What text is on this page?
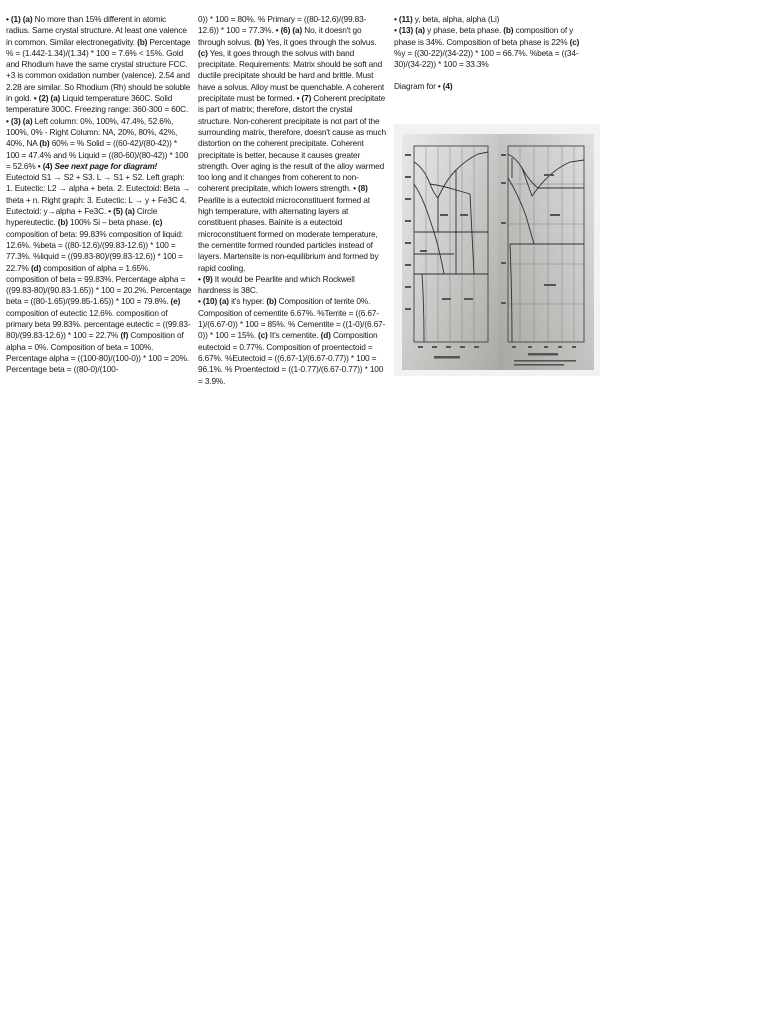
• (1) (a) No more than 15% different in atomic radius. Same crystal structure. At least one valence in common. Similar electronegativity. (b) Percentage % = (1.442-1.34)/(1.34) * 100 = 7.6% < 15%. Gold and Rhodium have the same crystal structure FCC. +3 is common oxidation number (valence). 2.54 and 2.28 are similar. So Rhodium (Rh) should be soluble in gold. • (2) (a) Liquid temperature 360C. Solid temperature 300C. Freezing range: 360-300 = 60C.

• (3) (a) Left column: 0%, 100%, 47.4%, 52.6%, 100%, 0% - Right Column: NA, 20%, 80%, 42%, 40%, NA (b) 60% = % Solid = ((60-42)/(80-42)) * 100 = 47.4% and % Liquid = ((80-60)/(80-42)) * 100 = 52.6% • (4) See next page for diagram! Eutectoid S1 → S2 + S3. L → S1 + S2. Left graph: 1. Eutectic: L2 → alpha + beta. 2. Eutectoid: Beta → theta + n. Right graph: 3. Eutectic: L → y + Fe3C 4. Eutectoid: y→alpha + Fe3C. • (5) (a) Circle hypereutectic. (b) 100% Si – beta phase. (c) composition of beta: 99.83% composition of liquid: 12.6%. %beta = ((80-12.6)/(99.83-12.6)) * 100 = 77.3%. %liquid = ((99.83-80)/(99.83-12.6)) * 100 = 22.7% (d) composition of alpha = 1.65%. composition of beta = 99.83%. Percentage alpha = ((99.83-80)/(90.83-1.65)) * 100 = 20.2%. Percentage beta = ((80-1.65)/(99.85-1.65)) * 100 = 79.8%. (e) composition of eutectic 12.6%. composition of primary beta 99.83%. percentage eutectic = ((99.83-80)/(99.83-12.6)) * 100 = 22.7% (f) Composition of alpha = 0%. Composition of beta = 100%. Percentage alpha = ((100-80)/(100-0)) * 100 = 20%. Percentage beta = ((80-0)/(100-

0)) * 100 = 80%. % Primary = ((80-12.6)/(99.83-12.6)) * 100 = 77.3%. • (6) (a) No, it doesn't go through solvus. (b) Yes, it goes through the solvus. (c) Yes, it goes through the solvus with band precipitate. Requirements: Matrix should be soft and ductile precipitate should be hard and brittle. Must have a solvus. Alloy must be quenchable. A coherent precipitate must be formed. • (7) Coherent precipitate is part of matrix; therefore, distort the crystal structure. Non-coherent precipitate is not part of the surrounding matrix, therefore, doesn't cause as much distortion on the coherent precipitate. Coherent precipitate is better, because it causes greater strength. Over aging is the result of the alloy warmed too long and it changes from coherent to non-coherent precipitate, which lowers strength. • (8) Pearlite is a eutectoid microconstituent formed at high temperature, with alternating layers at constituent phases. Bainite is a eutectoid microconstituent formed on moderate temperature, the cementite formed rounded particles instead of layers. Martensite is non-equilibrium and formed by rapid cooling.

• (9) It would be Pearlite and which Rockwell hardness is 38C.

• (10) (a) it's hyper. (b) Composition of territe 0%. Composition of cementite 6.67%. %Territe = ((6.67-1)/(6.67-0)) * 100 = 85%. % Cementite = ((1-0)/(6.67-0)) * 100 = 15%. (c) It's cementite. (d) Composition eutectoid = 0.77%. Composition of proentectoid = 6.67%. %Eutectoid = ((6.67-1)/(6.67-0.77)) * 100 = 96.1%. % Proentectoid = ((1-0.77)/(6.67-0.77)) * 100 = 3.9%.

• (11) y, beta, alpha, alpha (Li)

• (13) (a) y phase, beta phase. (b) composition of y phase is 34%. Composition of beta phase is 22% (c) %y = ((30-22)/(34-22)) * 100 = 66.7%. %beta = ((34-30)/(34-22)) * 100 = 33.3%

Diagram for • (4)
